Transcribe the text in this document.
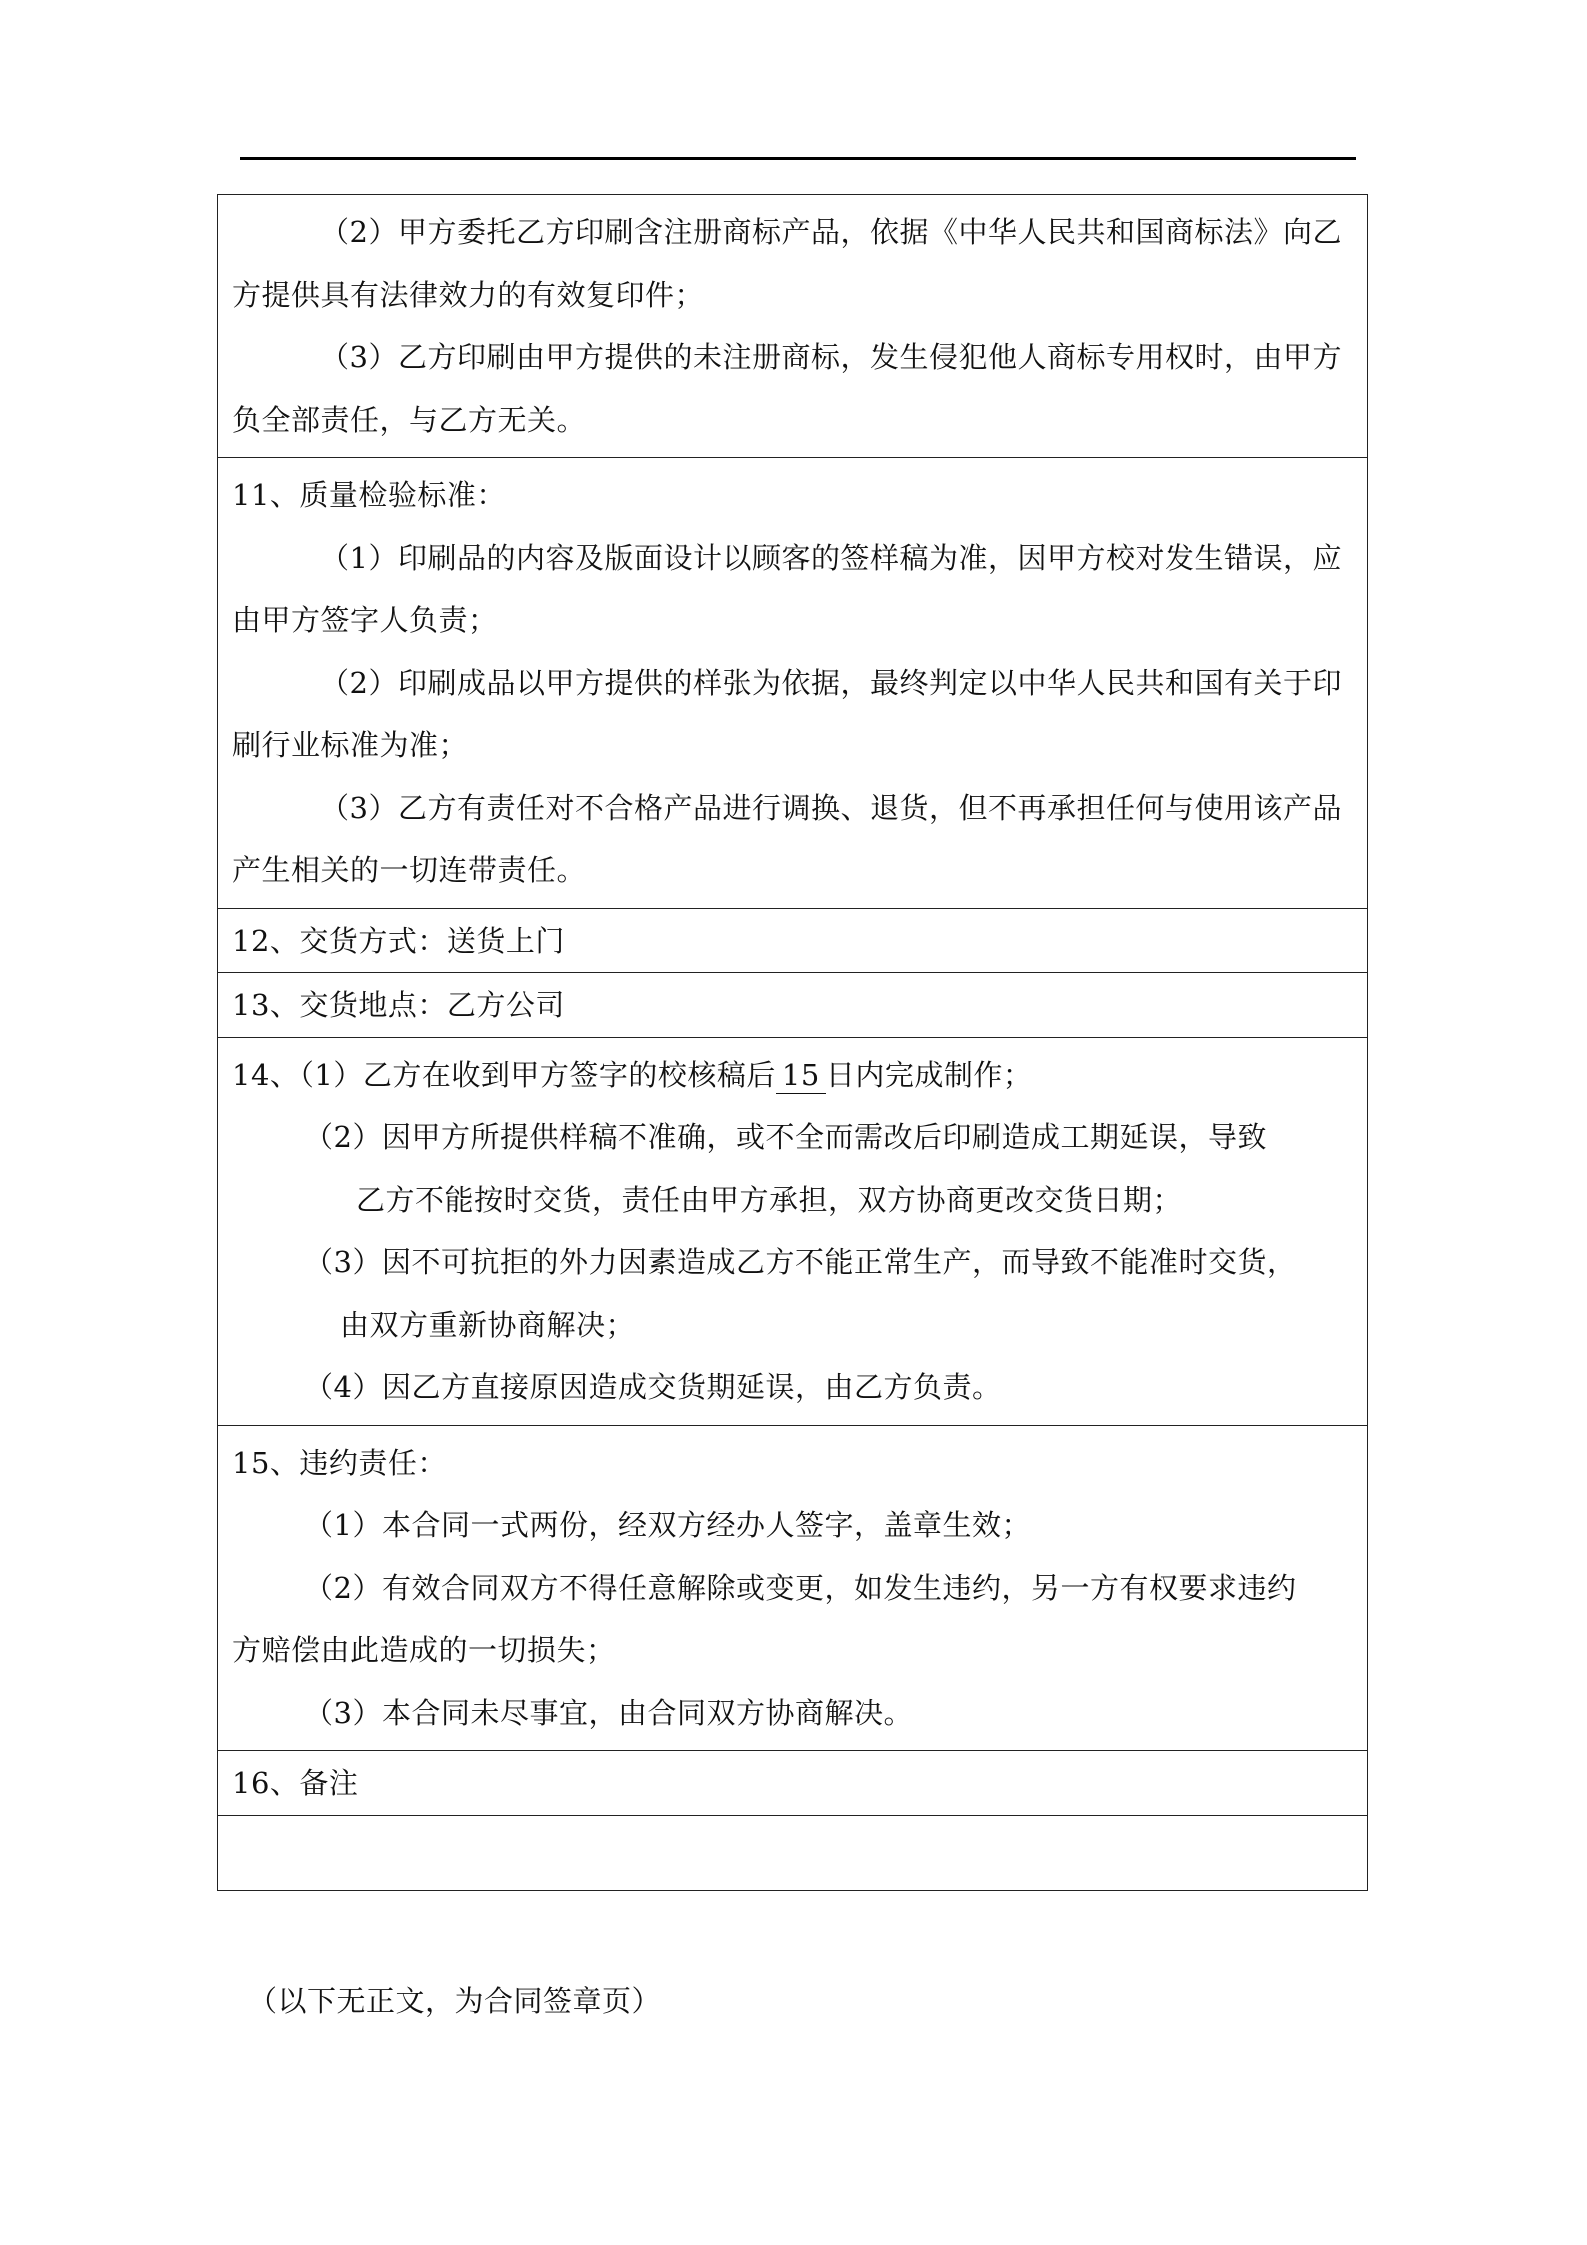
（2）甲方委托乙方印刷含注册商标产品，依据《中华人民共和国商标法》向乙方提供具有法律效力的有效复印件；

（3）乙方印刷由甲方提供的未注册商标，发生侵犯他人商标专用权时，由甲方负全部责任，与乙方无关。

11、质量检验标准：

（1）印刷品的内容及版面设计以顾客的签样稿为准，因甲方校对发生错误，应由甲方签字人负责；

（2）印刷成品以甲方提供的样张为依据，最终判定以中华人民共和国有关于印刷行业标准为准；

（3）乙方有责任对不合格产品进行调换、退货，但不再承担任何与使用该产品产生相关的一切连带责任。

12、交货方式：送货上门

13、交货地点：乙方公司

14、（1）乙方在收到甲方签字的校核稿后 15 日内完成制作；

（2）因甲方所提供样稿不准确，或不全而需改后印刷造成工期延误，导致
乙方不能按时交货，责任由甲方承担，双方协商更改交货日期；

（3）因不可抗拒的外力因素造成乙方不能正常生产，而导致不能准时交货，
由双方重新协商解决；

（4）因乙方直接原因造成交货期延误，由乙方负责。

15、违约责任：

（1）本合同一式两份，经双方经办人签字，盖章生效；

（2）有效合同双方不得任意解除或变更，如发生违约，另一方有权要求违约

方赔偿由此造成的一切损失；

（3）本合同未尽事宜，由合同双方协商解决。

16、备注

（以下无正文，为合同签章页）
